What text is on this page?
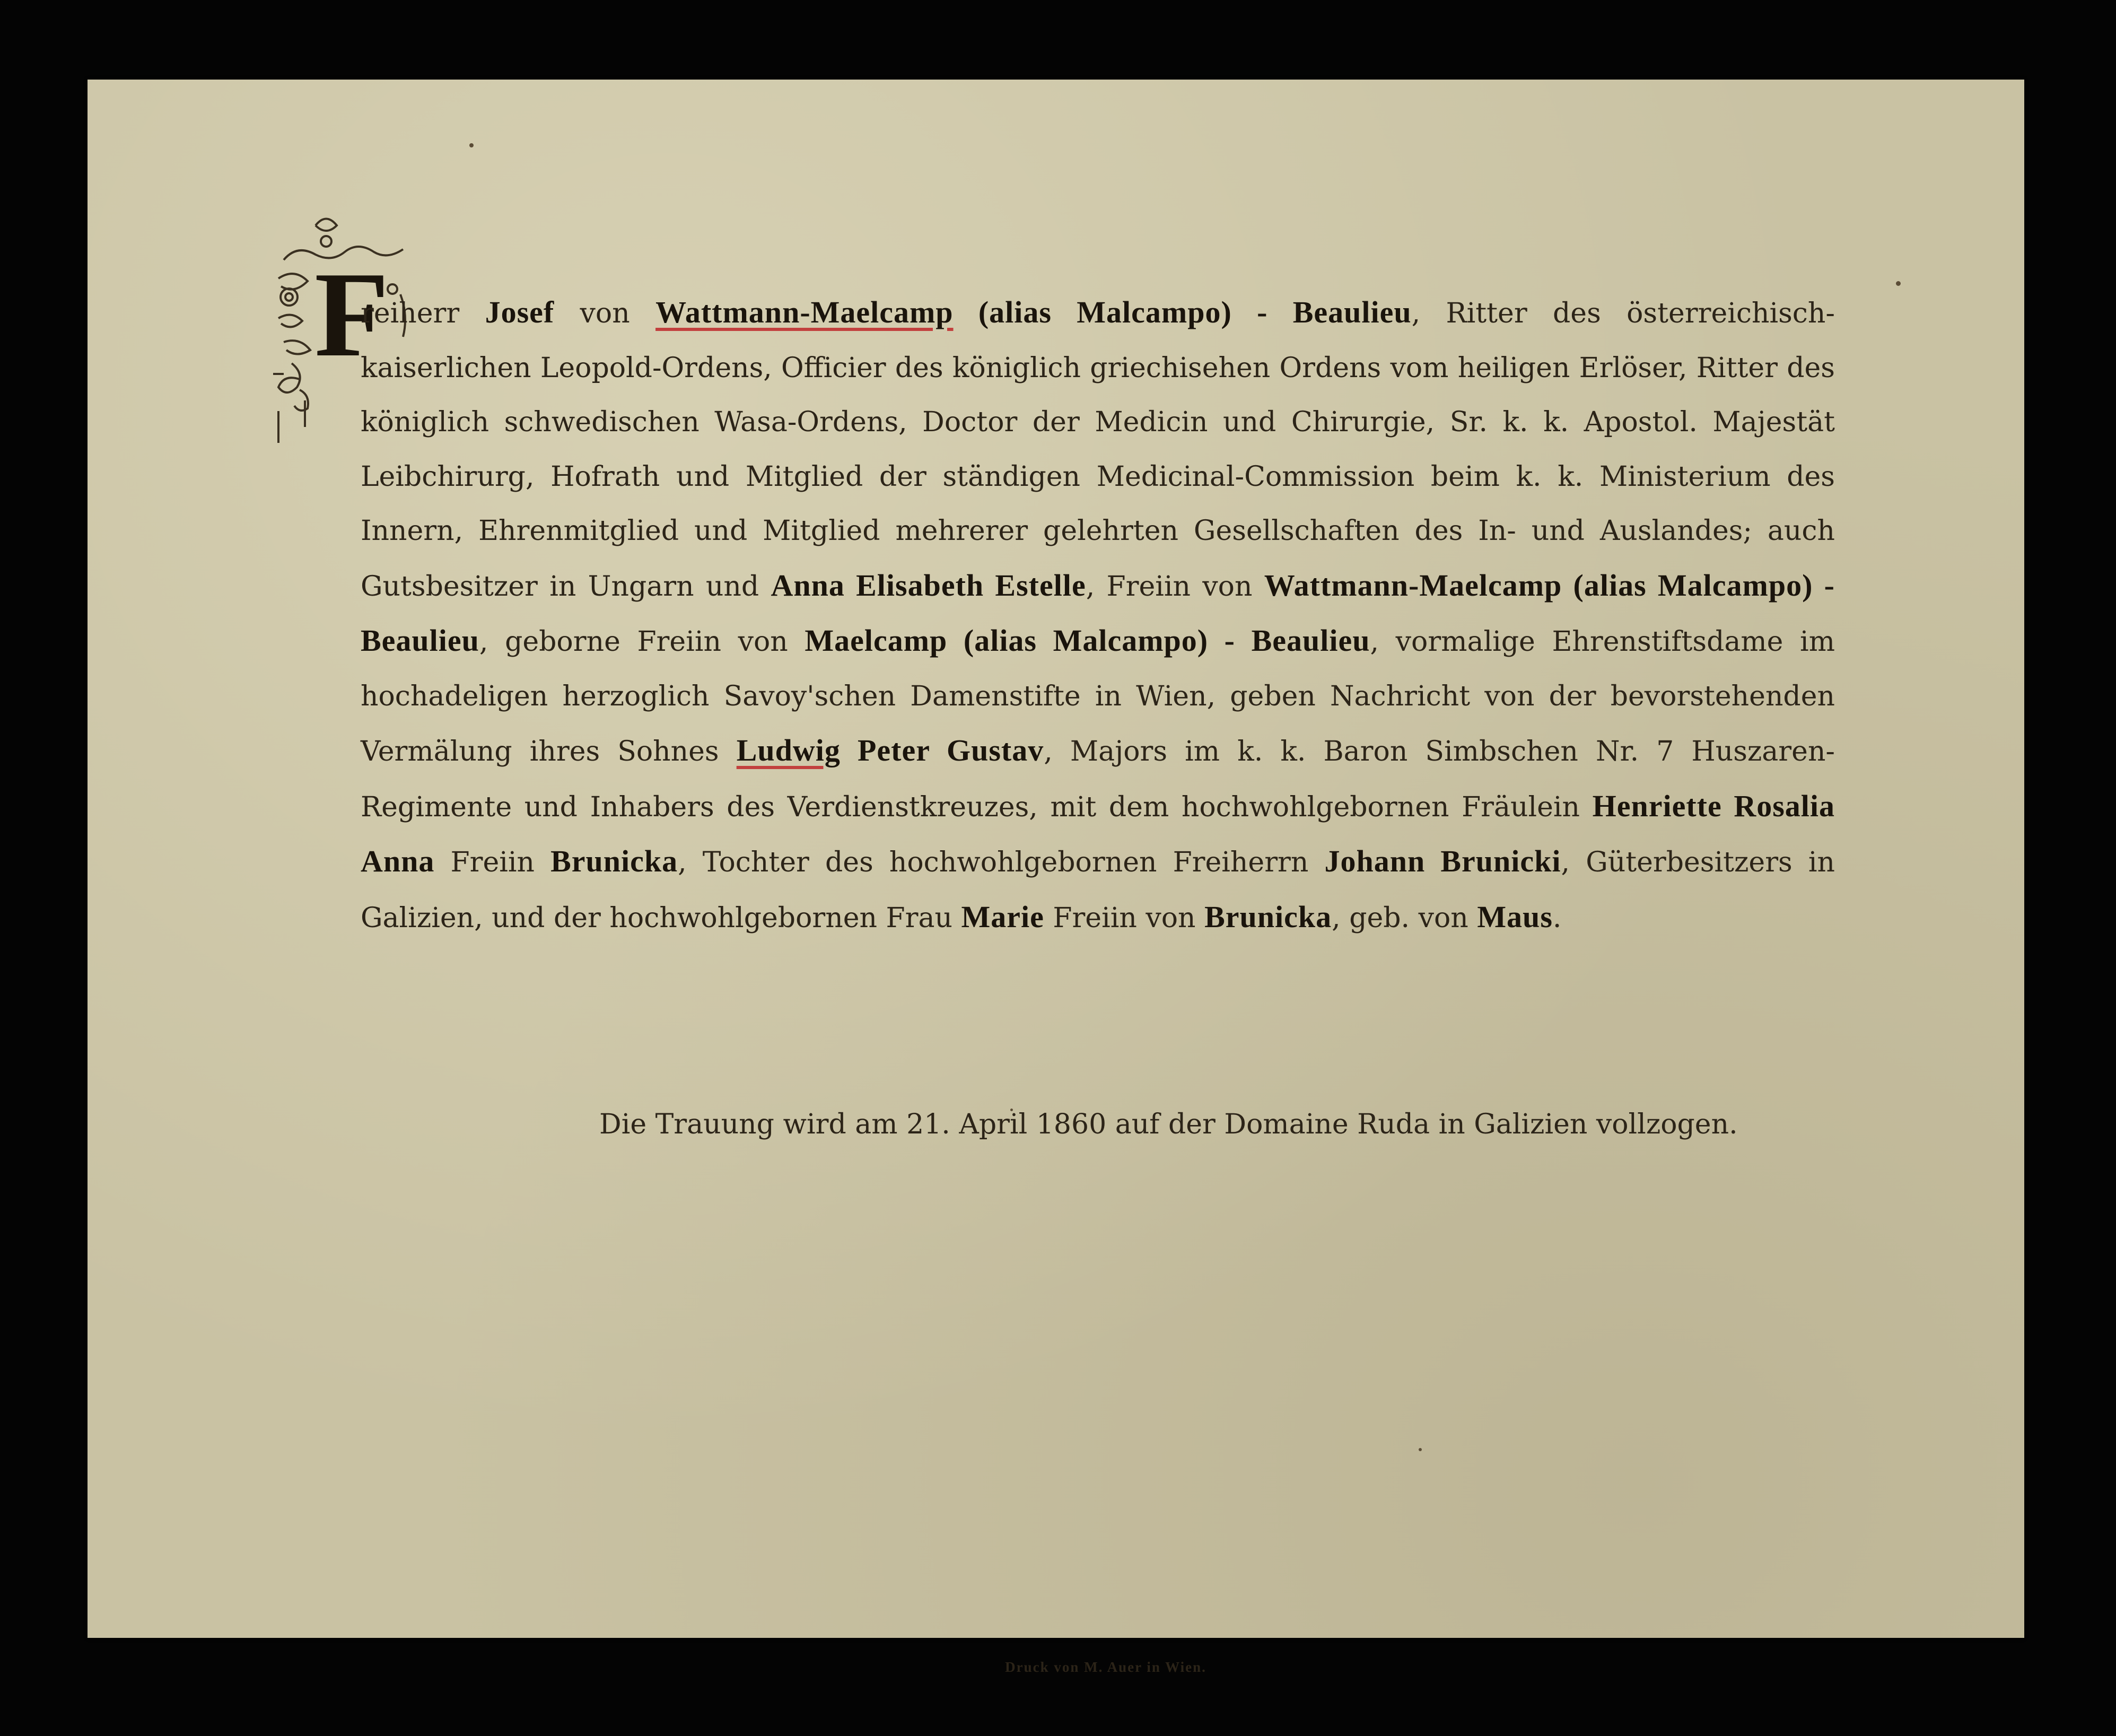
F
reiherr Josef von Wattmann-Maelcamp (alias Malcampo) - Beaulieu, Ritter des österreichisch-kaiserlichen Leopold-Ordens, Officier des königlich griechisehen Ordens vom heiligen Erlöser, Ritter des königlich schwedischen Wasa-Ordens, Doctor der Medicin und Chirurgie, Sr. k. k. Apostol. Majestät Leibchirurg, Hofrath und Mitglied der ständigen Medicinal-Commission beim k. k. Ministerium des Innern, Ehrenmitglied und Mitglied mehrerer gelehrten Gesellschaften des In- und Auslandes; auch Gutsbesitzer in Ungarn und Anna Elisabeth Estelle, Freiin von Wattmann-Maelcamp (alias Malcampo) - Beaulieu, geborne Freiin von Maelcamp (alias Malcampo) - Beaulieu, vormalige Ehrenstiftsdame im hochadeligen herzoglich Savoy'schen Damenstifte in Wien, geben Nachricht von der bevorstehenden Vermälung ihres Sohnes Ludwig Peter Gustav, Majors im k. k. Baron Simbschen Nr. 7 Huszaren-Regimente und Inhabers des Verdienstkreuzes, mit dem hochwohlgebornen Fräulein Henriette Rosalia Anna Freiin Brunicka, Tochter des hochwohlgebornen Freiherrn Johann Brunicki, Güterbesitzers in Galizien, und der hochwohlgebornen Frau Marie Freiin von Brunicka, geb. von Maus.
Die Trauung wird am 21. April 1860 auf der Domaine Ruda in Galizien vollzogen.
Druck von M. Auer in Wien.
